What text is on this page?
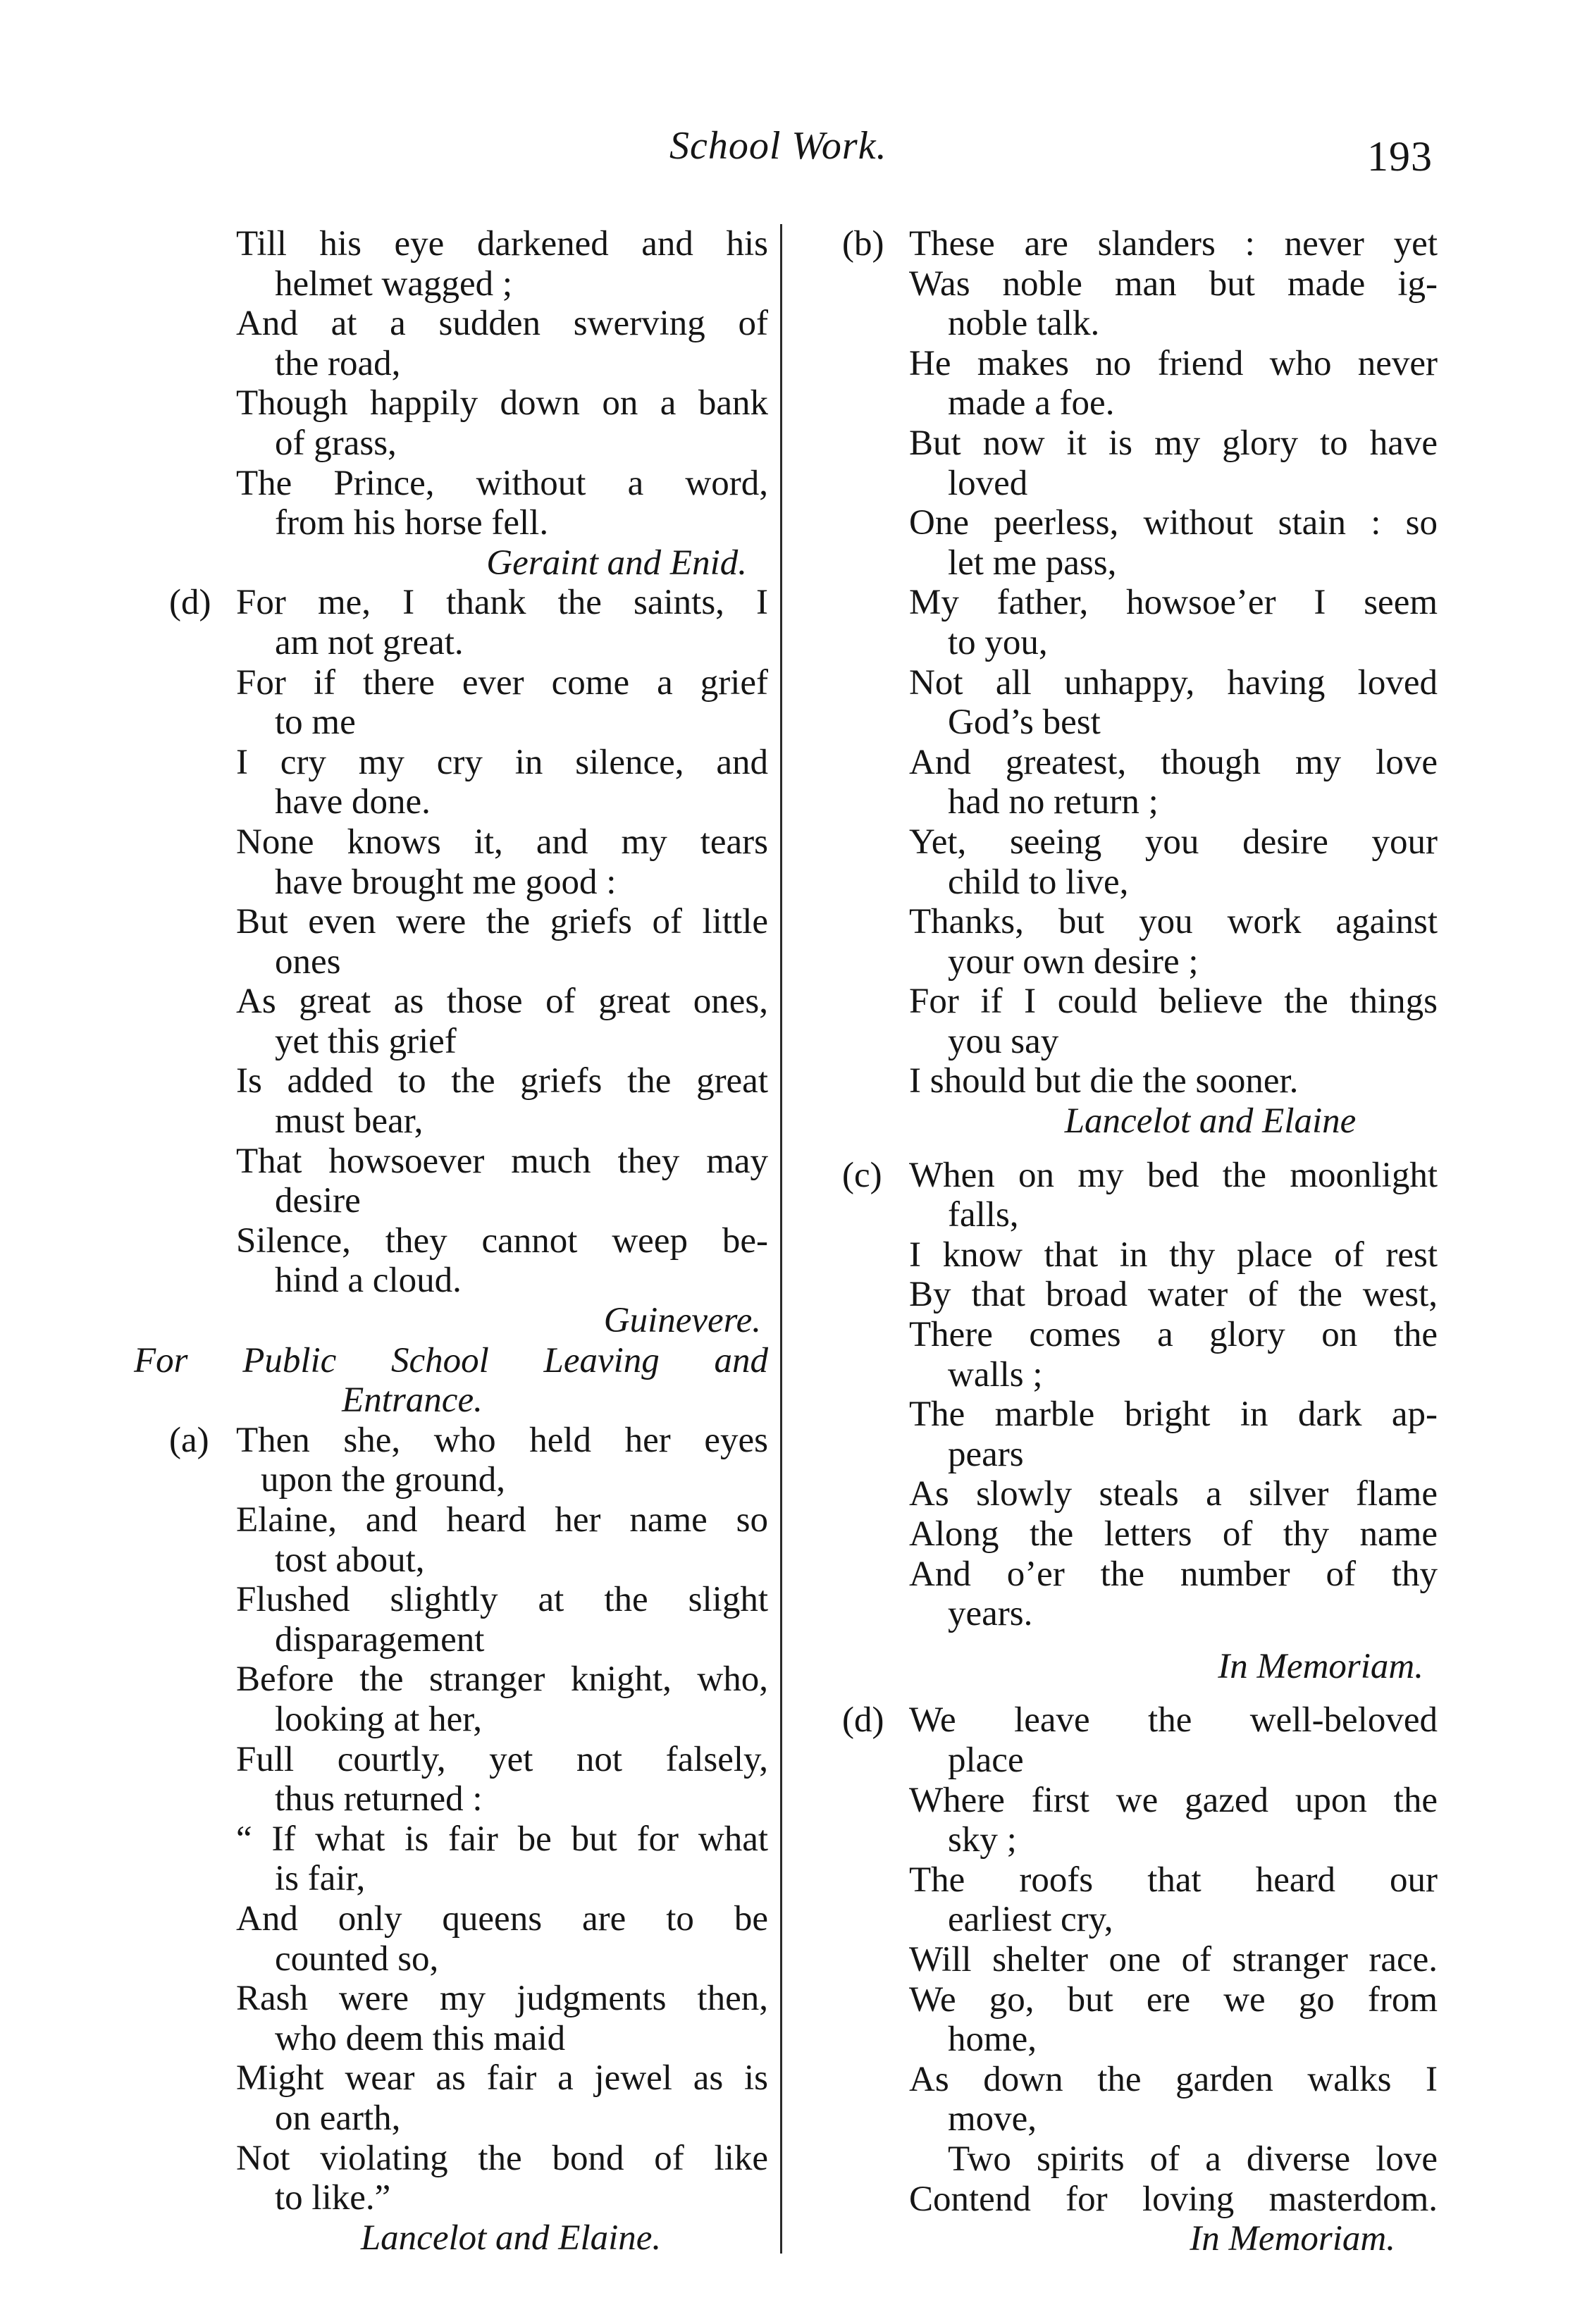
School Work.	193
Till his eye darkened and his
helmet wagged ;
And at a sudden swerving of
the road,
Though happily down on a bank
of grass,
The Prince, without a word,
from his horse fell.
Geraint and Enid.
(d) For me, I thank the saints, I
am not great.
For if there ever come a grief
to me
I cry my cry in silence, and
have done.
None knows it, and my tears
have brought me good :
But even were the griefs of little
ones
As great as those of great ones,
yet this grief
Is added to the griefs the great
must bear,
That howsoever much they may
desire
Silence, they cannot weep be-
hind a cloud.
Guinevere.
For Public School Leaving and
Entrance.
(a) Then she, who held her eyes
upon the ground,
Elaine, and heard her name so
tost about,
Flushed slightly at the slight
disparagement
Before the stranger knight, who,
looking at her,
Full courtly, yet not falsely,
thus returned :
“ If what is fair be but for what
is fair,
And only queens are to be
counted so,
Rash were my judgments then,
who deem this maid
Might wear as fair a jewel as is
on earth,
Not violating the bond of like
to like.”
Lancelot and Elaine.
(b) These are slanders : never yet
Was noble man but made ig-
noble talk.
He makes no friend who never
made a foe.
But now it is my glory to have
loved
One peerless, without stain : so
let me pass,
My father, howsoe’er I seem
to you,
Not all unhappy, having loved
God’s best
And greatest, though my love
had no return ;
Yet, seeing you desire your
child to live,
Thanks, but you work against
your own desire ;
For if I could believe the things
you say
I should but die the sooner.
Lancelot and Elaine
(c) When on my bed the moonlight
falls,
I know that in thy place of rest
By that broad water of the west,
There comes a glory on the
walls ;
The marble bright in dark ap-
pears
As slowly steals a silver flame
Along the letters of thy name
And o’er the number of thy
years.
In Memoriam.
(d) We leave the well-beloved
place
Where first we gazed upon the
sky ;
The roofs that heard our
earliest cry,
Will shelter one of stranger race.
We go, but ere we go from
home,
As down the garden walks I
move,
Two spirits of a diverse love
Contend for loving masterdom.
In Memoriam.
